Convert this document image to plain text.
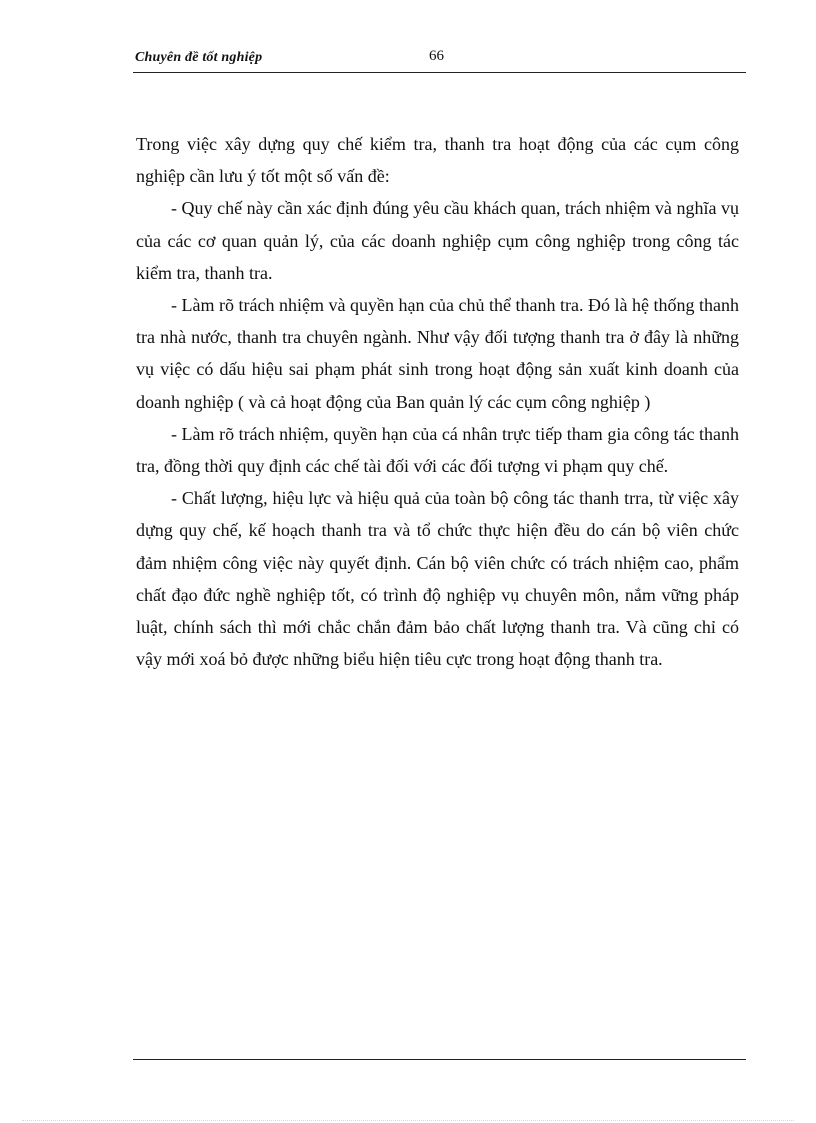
Chuyên đề tốt nghiệp	66

Trong việc xây dựng quy chế kiểm tra, thanh tra hoạt động của các cụm công nghiệp cần lưu ý tốt một số vấn đề:

- Quy chế này cần xác định đúng yêu cầu khách quan, trách nhiệm và nghĩa vụ của các cơ quan quản lý, của các doanh nghiệp cụm công nghiệp trong công tác kiểm tra, thanh tra.

- Làm rõ trách nhiệm và quyền hạn của chủ thể thanh tra. Đó là hệ thống thanh tra nhà nước, thanh tra chuyên ngành. Như vậy đối tượng thanh tra ở đây là những vụ việc có dấu hiệu sai phạm phát sinh trong hoạt động sản xuất kinh doanh của doanh nghiệp ( và cả hoạt động của Ban quản lý các cụm công nghiệp )

- Làm rõ trách nhiệm, quyền hạn của cá nhân trực tiếp tham gia công tác thanh tra, đồng thời quy định các chế tài đối với các đối tượng vi phạm quy chế.

- Chất lượng, hiệu lực và hiệu quả của toàn bộ công tác thanh trra, từ việc xây dựng quy chế, kế hoạch thanh tra và tổ chức thực hiện đều do cán bộ viên chức đảm nhiệm công việc này quyết định. Cán bộ viên chức có trách nhiệm cao, phẩm chất đạo đức nghề nghiệp tốt, có trình độ nghiệp vụ chuyên môn, nắm vững pháp luật, chính sách thì mới chắc chắn đảm bảo chất lượng thanh tra. Và cũng chỉ có vậy mới xoá bỏ được những biểu hiện tiêu cực trong hoạt động thanh tra.
